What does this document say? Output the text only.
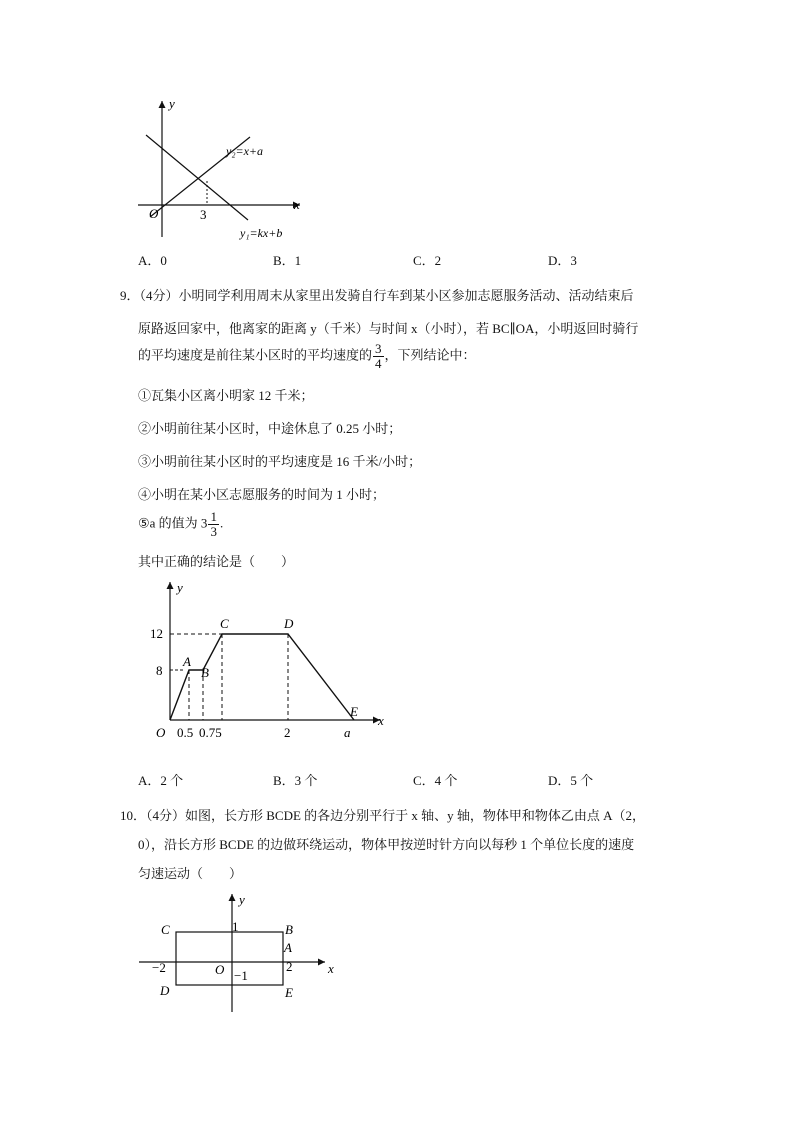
y
x
O	3
y₂=x+a
y₁=kx+b
A．0	B．1	C．2	D．3
9．（4分）小明同学利用周末从家里出发骑自行车到某小区参加志愿服务活动、活动结束后
原路返回家中，他离家的距离 y（千米）与时间 x（小时），若 BC∥OA，小明返回时骑行
的平均速度是前往某小区时的平均速度的 $\frac{3}{4}$ ，下列结论中：
①瓦集小区离小明家 12 千米；
②小明前往某小区时，中途休息了 0.25 小时；
③小明前往某小区时的平均速度是 16 千米/小时；
④小明在某小区志愿服务的时间为 1 小时；
⑤a 的值为 $3 \frac{1}{3}$ .
其中正确的结论是（　　）
y
x
O
12
8
0.5 0.75	2	a
A
B
C	D
E
A．2 个	B．3 个	C．4 个	D．5 个
10．（4分）如图，长方形 BCDE 的各边分别平行于 x 轴、y 轴，物体甲和物体乙由点 A（2，
0），沿长方形 BCDE 的边做环绕运动，物体甲按逆时针方向以每秒 1 个单位长度的速度
匀速运动（　　）
y
x
O
C	B
A
D	E
1
−2	2
−1
